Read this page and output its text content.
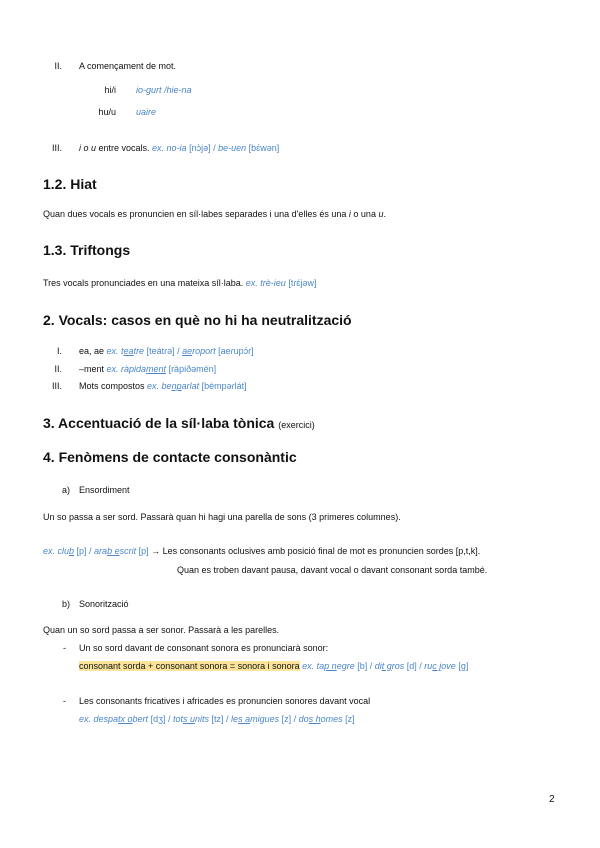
II. A començament de mot.
hi/i io-gurt /hie-na
hu/u uaire
III. i o u entre vocals. ex. no-ia [nɔ̀jə] / be-uen [bɛ́wən]
1.2. Hiat
Quan dues vocals es pronuncien en síl·labes separades i una d'elles és una i o una u.
1.3. Triftongs
Tres vocals pronunciades en una mateixa síl·laba. ex. trè-ieu [tɾɛ́jəw]
2. Vocals: casos en què no hi ha neutralització
I. ea, ae ex. teatre [teátɾə] / aeroport [aeɾupɔ́ɾ]
II. –ment ex. ràpidament [ràpiðəmén]
III. Mots compostos ex. benparlat [bèmpəɾlát]
3. Accentuació de la síl·laba tònica (exercici)
4. Fenòmens de contacte consonàntic
a) Ensordiment
Un so passa a ser sord. Passarà quan hi hagi una parella de sons (3 primeres columnes).
ex. club [p] / arab escrit [p] → Les consonants oclusives amb posició final de mot es pronuncien sordes [p,t,k].
Quan es troben davant pausa, davant vocal o davant consonant sorda també.
b) Sonorització
Quan un so sord passa a ser sonor. Passarà a les parelles.
- Un so sord davant de consonant sonora es pronunciarà sonor:
consonant sorda + consonant sonora = sonora i sonora ex. tap negre [b] / dit gros [d] / ruc jove [g]
- Les consonants fricatives i africades es pronuncien sonores davant vocal
ex. despatx obert [dʒ] / tots units [tz] / les amigues [z] / dos homes [z]
2
